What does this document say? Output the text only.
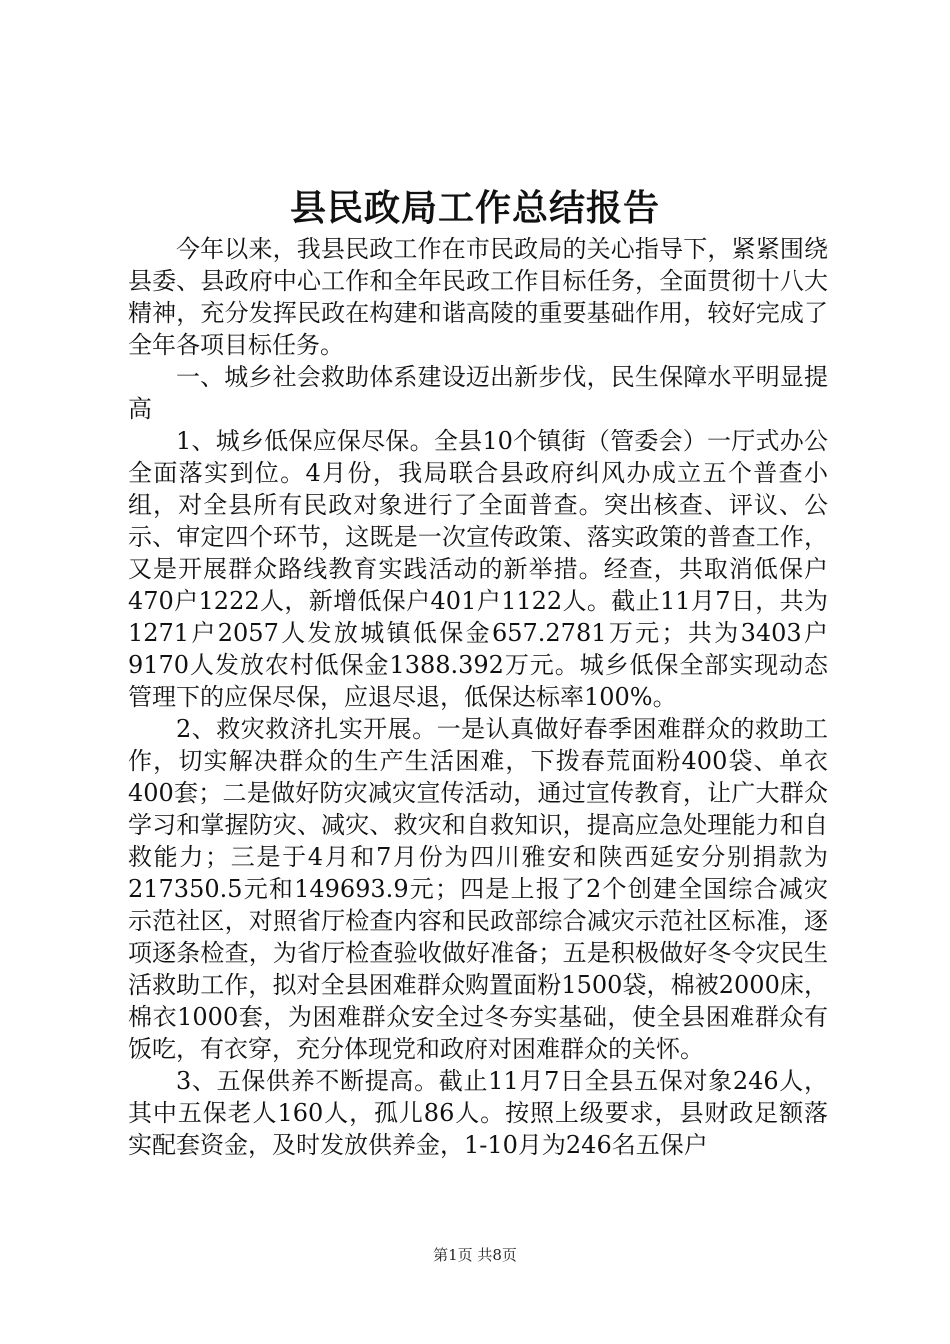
县民政局工作总结报告

今年以来，我县民政工作在市民政局的关心指导下，紧紧围绕县委、县政府中心工作和全年民政工作目标任务，全面贯彻十八大精神，充分发挥民政在构建和谐高陵的重要基础作用，较好完成了全年各项目标任务。

一、城乡社会救助体系建设迈出新步伐，民生保障水平明显提高

1、城乡低保应保尽保。全县10个镇街（管委会）一厅式办公全面落实到位。4月份，我局联合县政府纠风办成立五个普查小组，对全县所有民政对象进行了全面普查。突出核查、评议、公示、审定四个环节，这既是一次宣传政策、落实政策的普查工作，又是开展群众路线教育实践活动的新举措。经查，共取消低保户470户1222人，新增低保户401户1122人。截止11月7日，共为1271户2057人发放城镇低保金657.2781万元；共为3403户9170人发放农村低保金1388.392万元。城乡低保全部实现动态管理下的应保尽保，应退尽退，低保达标率100%。

2、救灾救济扎实开展。一是认真做好春季困难群众的救助工作，切实解决群众的生产生活困难，下拨春荒面粉400袋、单衣400套；二是做好防灾减灾宣传活动，通过宣传教育，让广大群众学习和掌握防灾、减灾、救灾和自救知识，提高应急处理能力和自救能力；三是于4月和7月份为四川雅安和陕西延安分别捐款为217350.5元和149693.9元；四是上报了2个创建全国综合减灾示范社区，对照省厅检查内容和民政部综合减灾示范社区标准，逐项逐条检查，为省厅检查验收做好准备；五是积极做好冬令灾民生活救助工作，拟对全县困难群众购置面粉1500袋，棉被2000床，棉衣1000套，为困难群众安全过冬夯实基础，使全县困难群众有饭吃，有衣穿，充分体现党和政府对困难群众的关怀。

3、五保供养不断提高。截止11月7日全县五保对象246人，其中五保老人160人，孤儿86人。按照上级要求，县财政足额落实配套资金，及时发放供养金，1-10月为246名五保户

第1页 共8页
